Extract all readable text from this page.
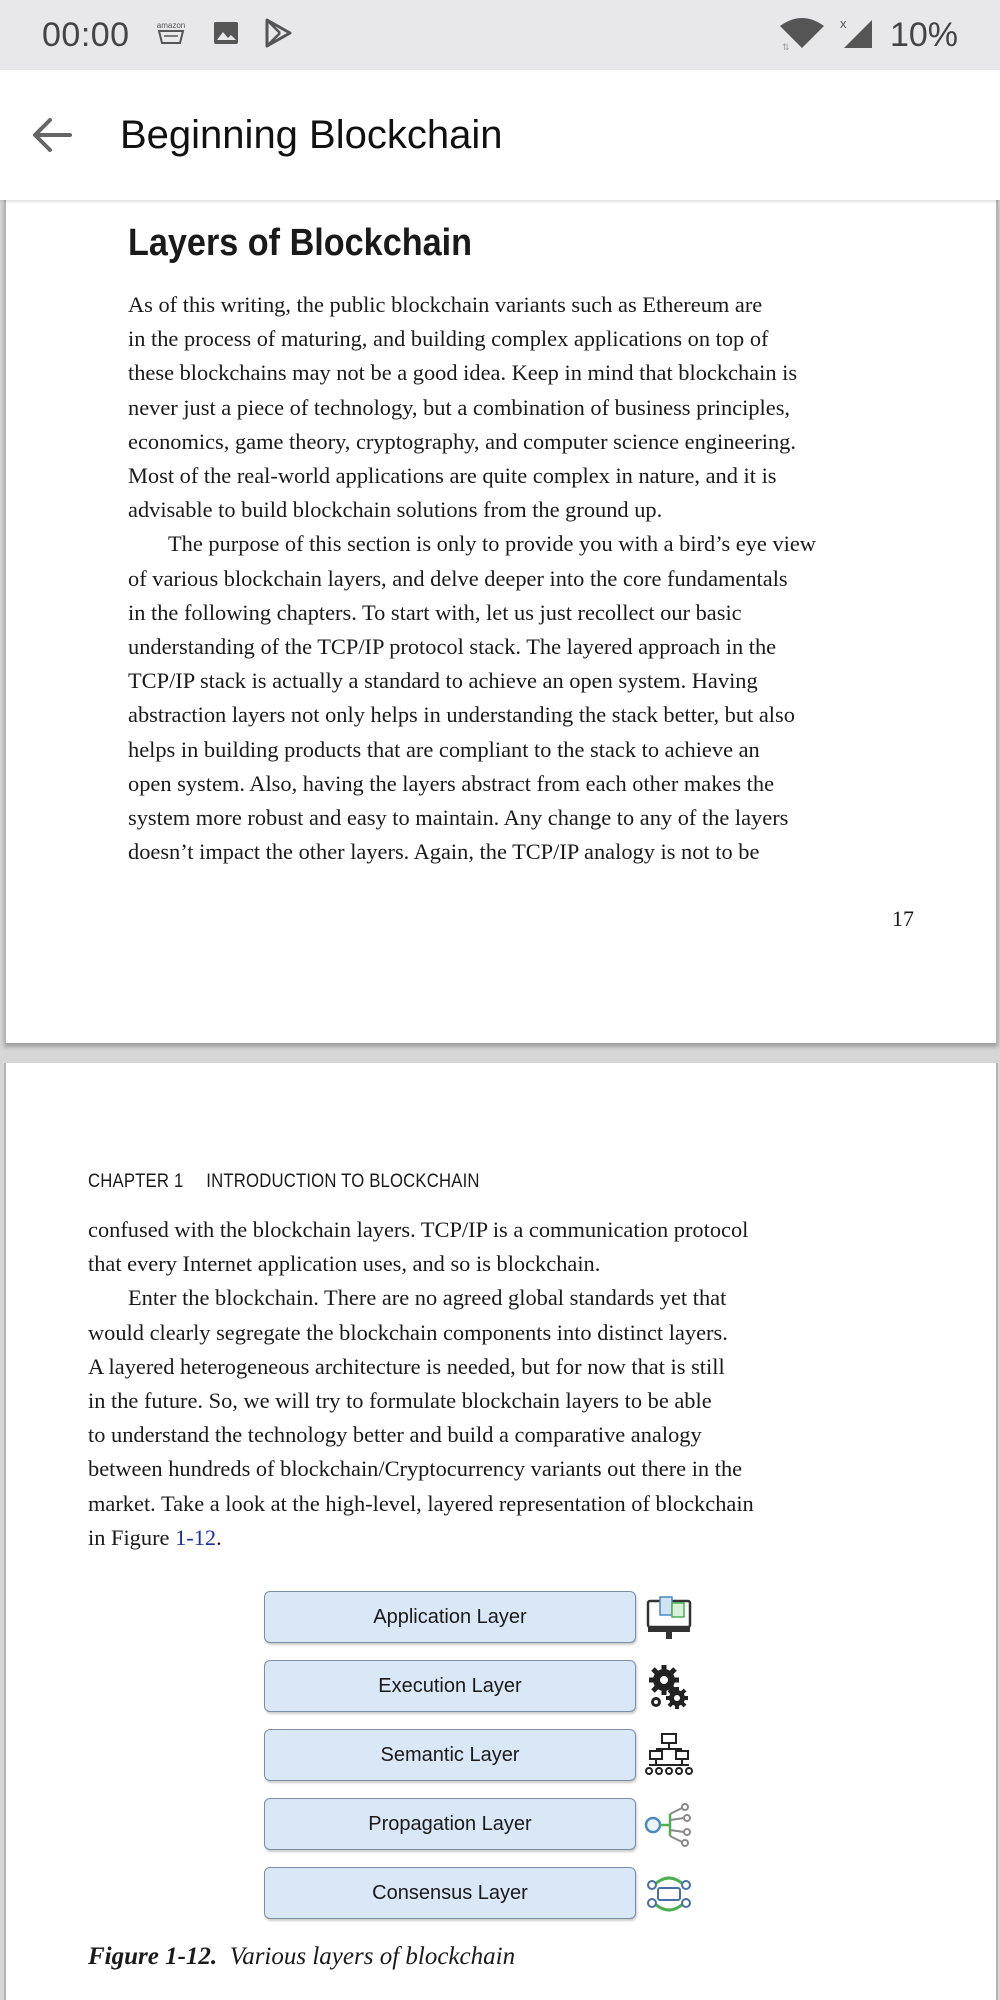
00:00	amazon
⇅
x 10%
Beginning Blockchain
Layers of Blockchain
As of this writing, the public blockchain variants such as Ethereum are
in the process of maturing, and building complex applications on top of
these blockchains may not be a good idea. Keep in mind that blockchain is
never just a piece of technology, but a combination of business principles,
economics, game theory, cryptography, and computer science engineering.
Most of the real-world applications are quite complex in nature, and it is
advisable to build blockchain solutions from the ground up.
The purpose of this section is only to provide you with a bird’s eye view
of various blockchain layers, and delve deeper into the core fundamentals
in the following chapters. To start with, let us just recollect our basic
understanding of the TCP/IP protocol stack. The layered approach in the
TCP/IP stack is actually a standard to achieve an open system. Having
abstraction layers not only helps in understanding the stack better, but also
helps in building products that are compliant to the stack to achieve an
open system. Also, having the layers abstract from each other makes the
system more robust and easy to maintain. Any change to any of the layers
doesn’t impact the other layers. Again, the TCP/IP analogy is not to be
17
CHAPTER 1 INTRODUCTION TO BLOCKCHAIN
confused with the blockchain layers. TCP/IP is a communication protocol
that every Internet application uses, and so is blockchain.
Enter the blockchain. There are no agreed global standards yet that
would clearly segregate the blockchain components into distinct layers.
A layered heterogeneous architecture is needed, but for now that is still
in the future. So, we will try to formulate blockchain layers to be able
to understand the technology better and build a comparative analogy
between hundreds of blockchain/Cryptocurrency variants out there in the
market. Take a look at the high-level, layered representation of blockchain
in Figure 1-12.
Application Layer
Execution Layer
Semantic Layer
Propagation Layer
Consensus Layer
Figure 1-12. Various layers of blockchain
